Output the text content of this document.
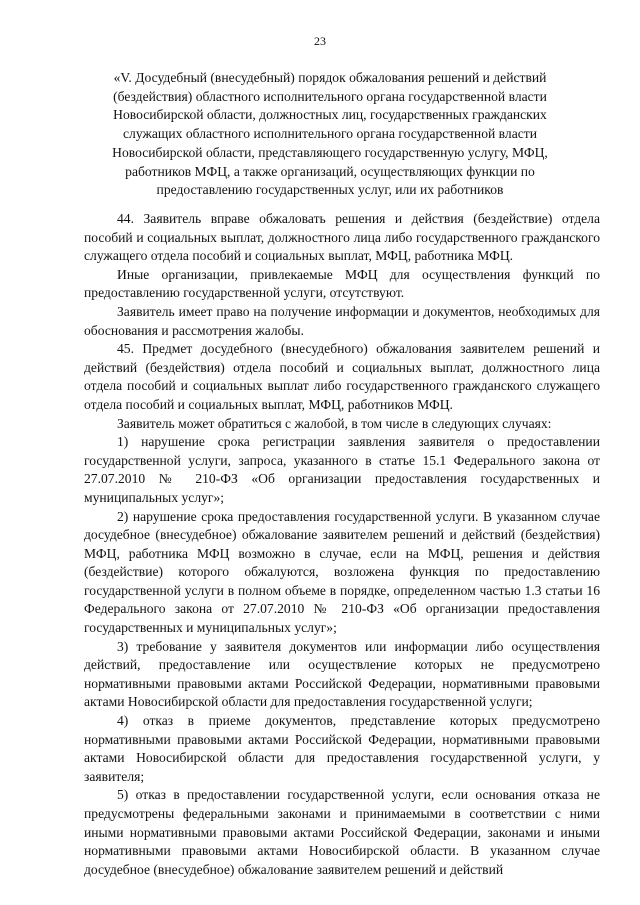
23
«V. Досудебный (внесудебный) порядок обжалования решений и действий
(бездействия) областного исполнительного органа государственной власти
Новосибирской области, должностных лиц, государственных гражданских
служащих областного исполнительного органа государственной власти
Новосибирской области, представляющего государственную услугу, МФЦ,
работников МФЦ, а также организаций, осуществляющих функции по
предоставлению государственных услуг, или их работников

44. Заявитель вправе обжаловать решения и действия (бездействие) отдела пособий и социальных выплат, должностного лица либо государственного гражданского служащего отдела пособий и социальных выплат, МФЦ, работника МФЦ.

Иные организации, привлекаемые МФЦ для осуществления функций по предоставлению государственной услуги, отсутствуют.

Заявитель имеет право на получение информации и документов, необходимых для обоснования и рассмотрения жалобы.

45. Предмет досудебного (внесудебного) обжалования заявителем решений и действий (бездействия) отдела пособий и социальных выплат, должностного лица отдела пособий и социальных выплат либо государственного гражданского служащего отдела пособий и социальных выплат, МФЦ, работников МФЦ.

Заявитель может обратиться с жалобой, в том числе в следующих случаях:

1) нарушение срока регистрации заявления заявителя о предоставлении государственной услуги, запроса, указанного в статье 15.1 Федерального закона от 27.07.2010 № 210-ФЗ «Об организации предоставления государственных и муниципальных услуг»;

2) нарушение срока предоставления государственной услуги. В указанном случае досудебное (внесудебное) обжалование заявителем решений и действий (бездействия) МФЦ, работника МФЦ возможно в случае, если на МФЦ, решения и действия (бездействие) которого обжалуются, возложена функция по предоставлению государственной услуги в полном объеме в порядке, определенном частью 1.3 статьи 16 Федерального закона от 27.07.2010 № 210-ФЗ «Об организации предоставления государственных и муниципальных услуг»;

3) требование у заявителя документов или информации либо осуществления действий, предоставление или осуществление которых не предусмотрено нормативными правовыми актами Российской Федерации, нормативными правовыми актами Новосибирской области для предоставления государственной услуги;

4) отказ в приеме документов, представление которых предусмотрено нормативными правовыми актами Российской Федерации, нормативными правовыми актами Новосибирской области для предоставления государственной услуги, у заявителя;

5) отказ в предоставлении государственной услуги, если основания отказа не предусмотрены федеральными законами и принимаемыми в соответствии с ними иными нормативными правовыми актами Российской Федерации, законами и иными нормативными правовыми актами Новосибирской области. В указанном случае досудебное (внесудебное) обжалование заявителем решений и действий
